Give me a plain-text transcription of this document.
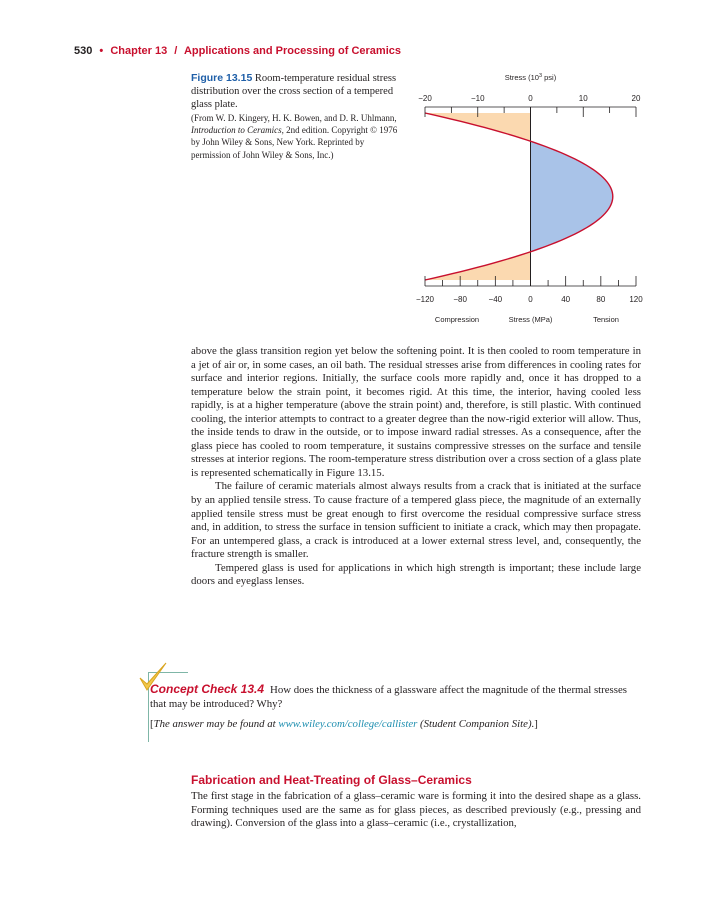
530 • Chapter 13 / Applications and Processing of Ceramics
Figure 13.15 Room-temperature residual stress distribution over the cross section of a tempered glass plate.
(From W. D. Kingery, H. K. Bowen, and D. R. Uhlmann, Introduction to Ceramics, 2nd edition. Copyright © 1976 by John Wiley & Sons, New York. Reprinted by permission of John Wiley & Sons, Inc.)
−20	−10	0	10	20
Stress ($10^3$ psi)
−120 −80	−40	0	40	80	120
Compression	Stress (MPa)	Tension

above the glass transition region yet below the softening point. It is then cooled to room temperature in a jet of air or, in some cases, an oil bath. The residual stresses arise from differences in cooling rates for surface and interior regions. Initially, the surface cools more rapidly and, once it has dropped to a temperature below the strain point, it becomes rigid. At this time, the interior, having cooled less rapidly, is at a higher temperature (above the strain point) and, therefore, is still plastic. With continued cooling, the interior attempts to contract to a greater degree than the now-rigid exterior will allow. Thus, the inside tends to draw in the outside, or to impose inward radial stresses. As a consequence, after the glass piece has cooled to room temperature, it sustains compressive stresses on the surface and tensile stresses at interior regions. The room-temperature stress distribution over a cross section of a glass plate is represented schematically in Figure 13.15.

The failure of ceramic materials almost always results from a crack that is initiated at the surface by an applied tensile stress. To cause fracture of a tempered glass piece, the magnitude of an externally applied tensile stress must be great enough to first overcome the residual compressive surface stress and, in addition, to stress the surface in tension sufficient to initiate a crack, which may then propagate. For an untempered glass, a crack is introduced at a lower external stress level, and, consequently, the fracture strength is smaller.

Tempered glass is used for applications in which high strength is important; these include large doors and eyeglass lenses.

Concept Check 13.4 How does the thickness of a glassware affect the magnitude of the thermal stresses that may be introduced? Why?
[The answer may be found at www.wiley.com/college/callister (Student Companion Site).]
Fabrication and Heat-Treating of Glass–Ceramics

The first stage in the fabrication of a glass–ceramic ware is forming it into the desired shape as a glass. Forming techniques used are the same as for glass pieces, as described previously (e.g., pressing and drawing). Conversion of the glass into a glass–ceramic (i.e., crystallization,
